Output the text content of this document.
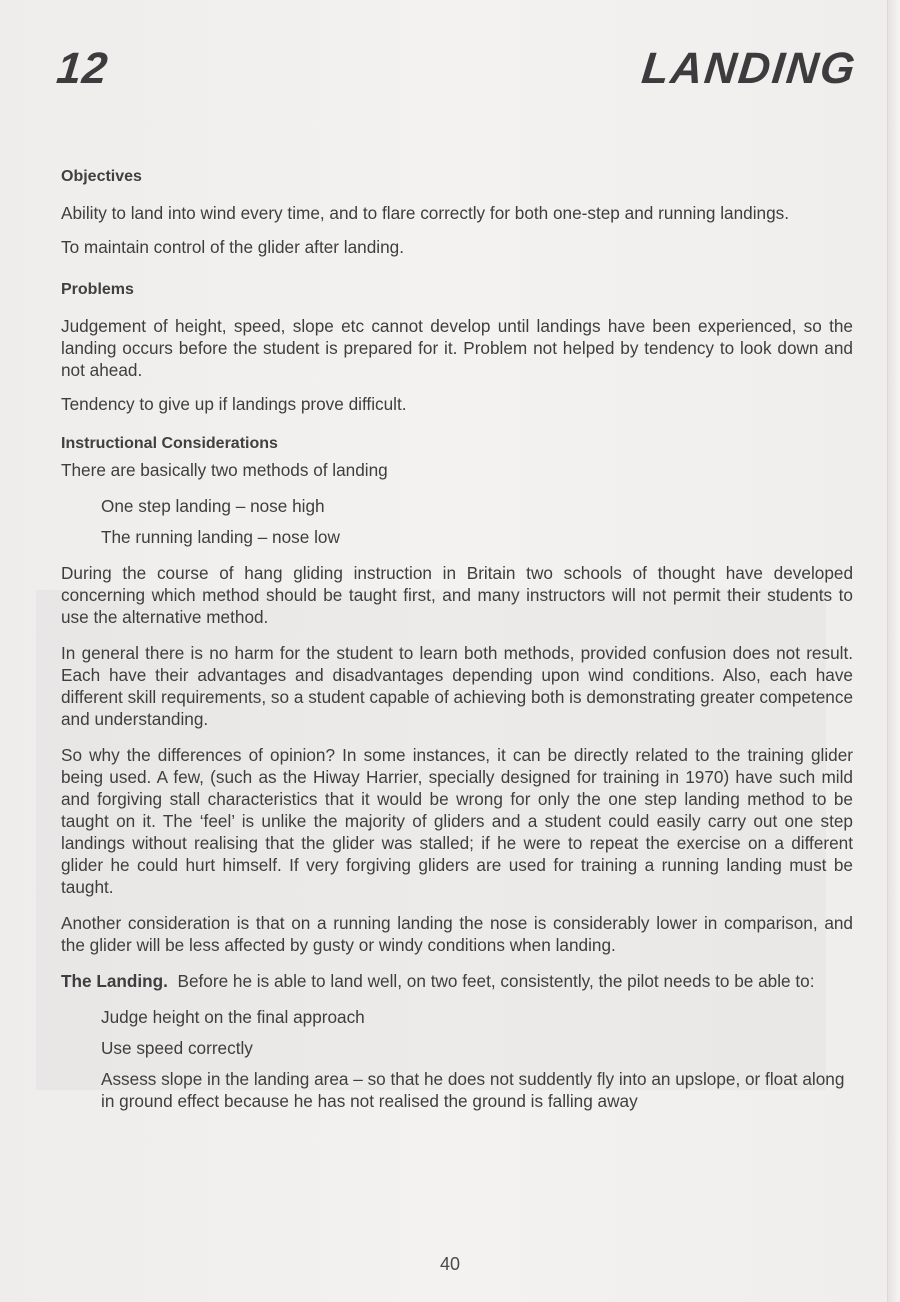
12	LANDING
Objectives

Ability to land into wind every time, and to flare correctly for both one-step and running landings.

To maintain control of the glider after landing.

Problems

Judgement of height, speed, slope etc cannot develop until landings have been experienced, so the landing occurs before the student is prepared for it. Problem not helped by tendency to look down and not ahead.

Tendency to give up if landings prove difficult.

Instructional Considerations

There are basically two methods of landing

One step landing – nose high

The running landing – nose low

During the course of hang gliding instruction in Britain two schools of thought have developed concerning which method should be taught first, and many instructors will not permit their students to use the alternative method.

In general there is no harm for the student to learn both methods, provided confusion does not result. Each have their advantages and disadvantages depending upon wind conditions. Also, each have different skill requirements, so a student capable of achieving both is demonstrating greater competence and understanding.

So why the differences of opinion? In some instances, it can be directly related to the training glider being used. A few, (such as the Hiway Harrier, specially designed for training in 1970) have such mild and forgiving stall characteristics that it would be wrong for only the one step landing method to be taught on it. The ‘feel’ is unlike the majority of gliders and a student could easily carry out one step landings without realising that the glider was stalled; if he were to repeat the exercise on a different glider he could hurt himself. If very forgiving gliders are used for training a running landing must be taught.

Another consideration is that on a running landing the nose is considerably lower in comparison, and the glider will be less affected by gusty or windy conditions when landing.

The Landing. Before he is able to land well, on two feet, consistently, the pilot needs to be able to:

Judge height on the final approach

Use speed correctly

Assess slope in the landing area – so that he does not suddently fly into an upslope, or float along in ground effect because he has not realised the ground is falling away

40
